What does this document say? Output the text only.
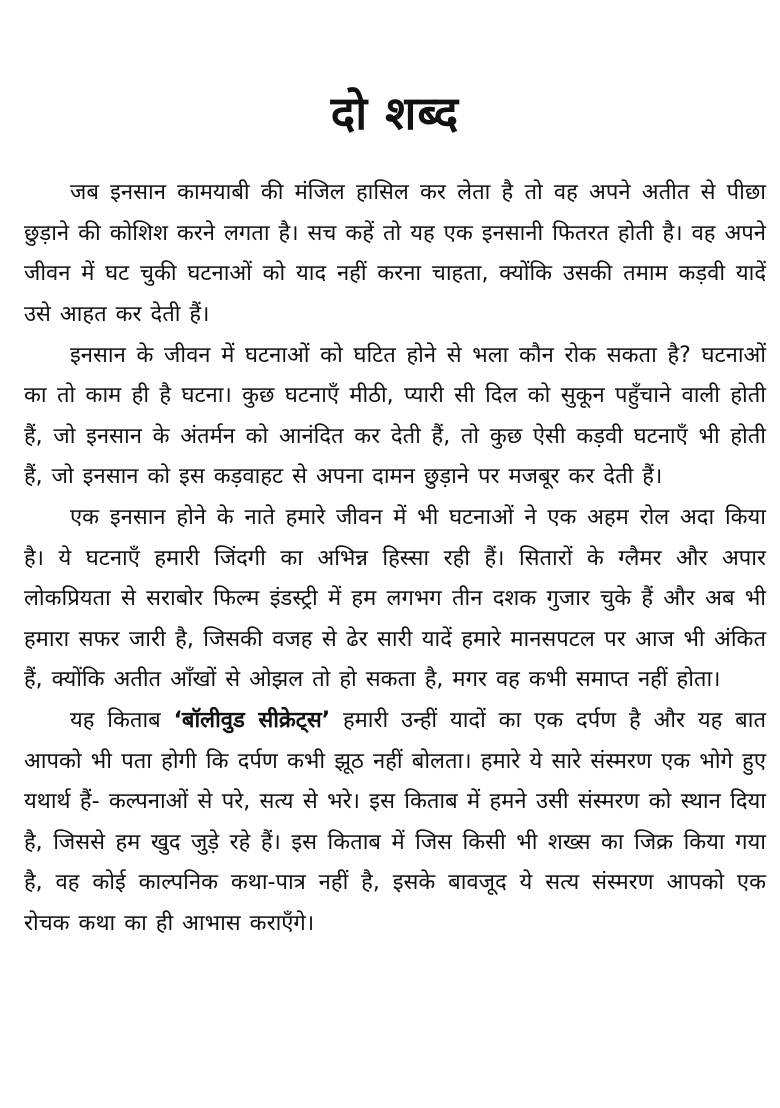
दो शब्द

जब इनसान कामयाबी की मंजिल हासिल कर लेता है तो वह अपने अतीत से पीछा छुड़ाने की कोशिश करने लगता है। सच कहें तो यह एक इनसानी फितरत होती है। वह अपने जीवन में घट चुकी घटनाओं को याद नहीं करना चाहता, क्योंकि उसकी तमाम कड़वी यादें उसे आहत कर देती हैं।

इनसान के जीवन में घटनाओं को घटित होने से भला कौन रोक सकता है? घटनाओं का तो काम ही है घटना। कुछ घटनाएँ मीठी, प्यारी सी दिल को सुकून पहुँचाने वाली होती हैं, जो इनसान के अंतर्मन को आनंदित कर देती हैं, तो कुछ ऐसी कड़वी घटनाएँ भी होती हैं, जो इनसान को इस कड़वाहट से अपना दामन छुड़ाने पर मजबूर कर देती हैं।

एक इनसान होने के नाते हमारे जीवन में भी घटनाओं ने एक अहम रोल अदा किया है। ये घटनाएँ हमारी जिंदगी का अभिन्न हिस्सा रही हैं। सितारों के ग्लैमर और अपार लोकप्रियता से सराबोर फिल्म इंडस्ट्री में हम लगभग तीन दशक गुजार चुके हैं और अब भी हमारा सफर जारी है, जिसकी वजह से ढेर सारी यादें हमारे मानसपटल पर आज भी अंकित हैं, क्योंकि अतीत आँखों से ओझल तो हो सकता है, मगर वह कभी समाप्त नहीं होता।

यह किताब ‘बॉलीवुड सीक्रेट्स’ हमारी उन्हीं यादों का एक दर्पण है और यह बात आपको भी पता होगी कि दर्पण कभी झूठ नहीं बोलता। हमारे ये सारे संस्मरण एक भोगे हुए यथार्थ हैं- कल्पनाओं से परे, सत्य से भरे। इस किताब में हमने उसी संस्मरण को स्थान दिया है, जिससे हम खुद जुड़े रहे हैं। इस किताब में जिस किसी भी शख्स का जिक्र किया गया है, वह कोई काल्पनिक कथा-पात्र नहीं है, इसके बावजूद ये सत्य संस्मरण आपको एक रोचक कथा का ही आभास कराएँगे।
